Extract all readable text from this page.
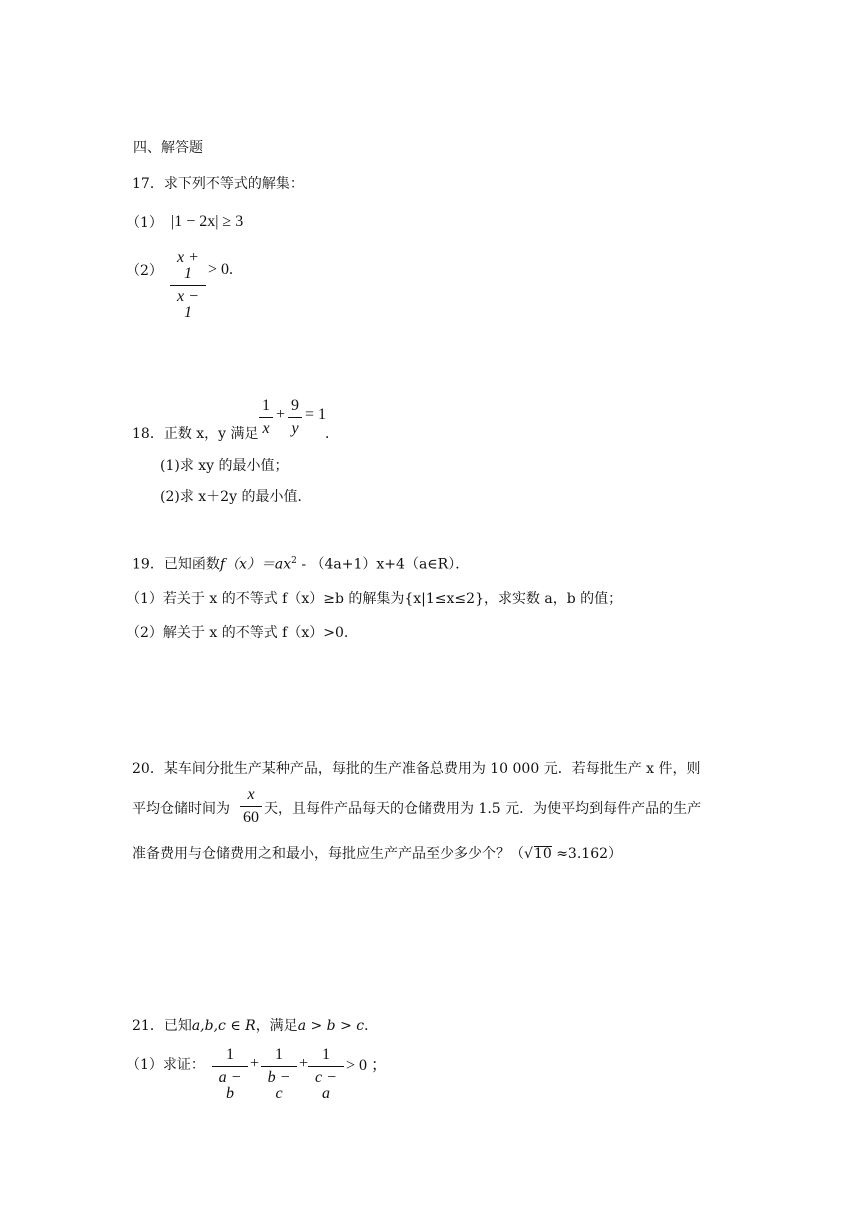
四、解答题
17．求下列不等式的解集：
（1） |1 − 2x| ≥ 3
（2）
x + 1
x − 1
> 0.
18．正数 x，y 满足
1
x
+
9
y
= 1
．
(1)求 xy 的最小值；
(2)求 x＋2y 的最小值．
19．已知函数$f(x)=ax^2$ - （4a+1）x+4（a∈R）．
（1）若关于 x 的不等式 f（x）≥b 的解集为{x|1≤x≤2}，求实数 a，b 的值；
（2）解关于 x 的不等式 f（x）>0.
20．某车间分批生产某种产品，每批的生产准备总费用为 10 000 元．若每批生产 x 件，则
平均仓储时间为
x
60 天，且每件产品每天的仓储费用为 1.5 元．为使平均到每件产品的生产
准备费用与仓储费用之和最小，每批应生产产品至少多少个？（√10 ≈3.162）
21．已知a,b,c ∈ R，满足a > b > c．
（1）求证：
1
a − b
+
1
b − c
+
1
c − a
> 0 ；
